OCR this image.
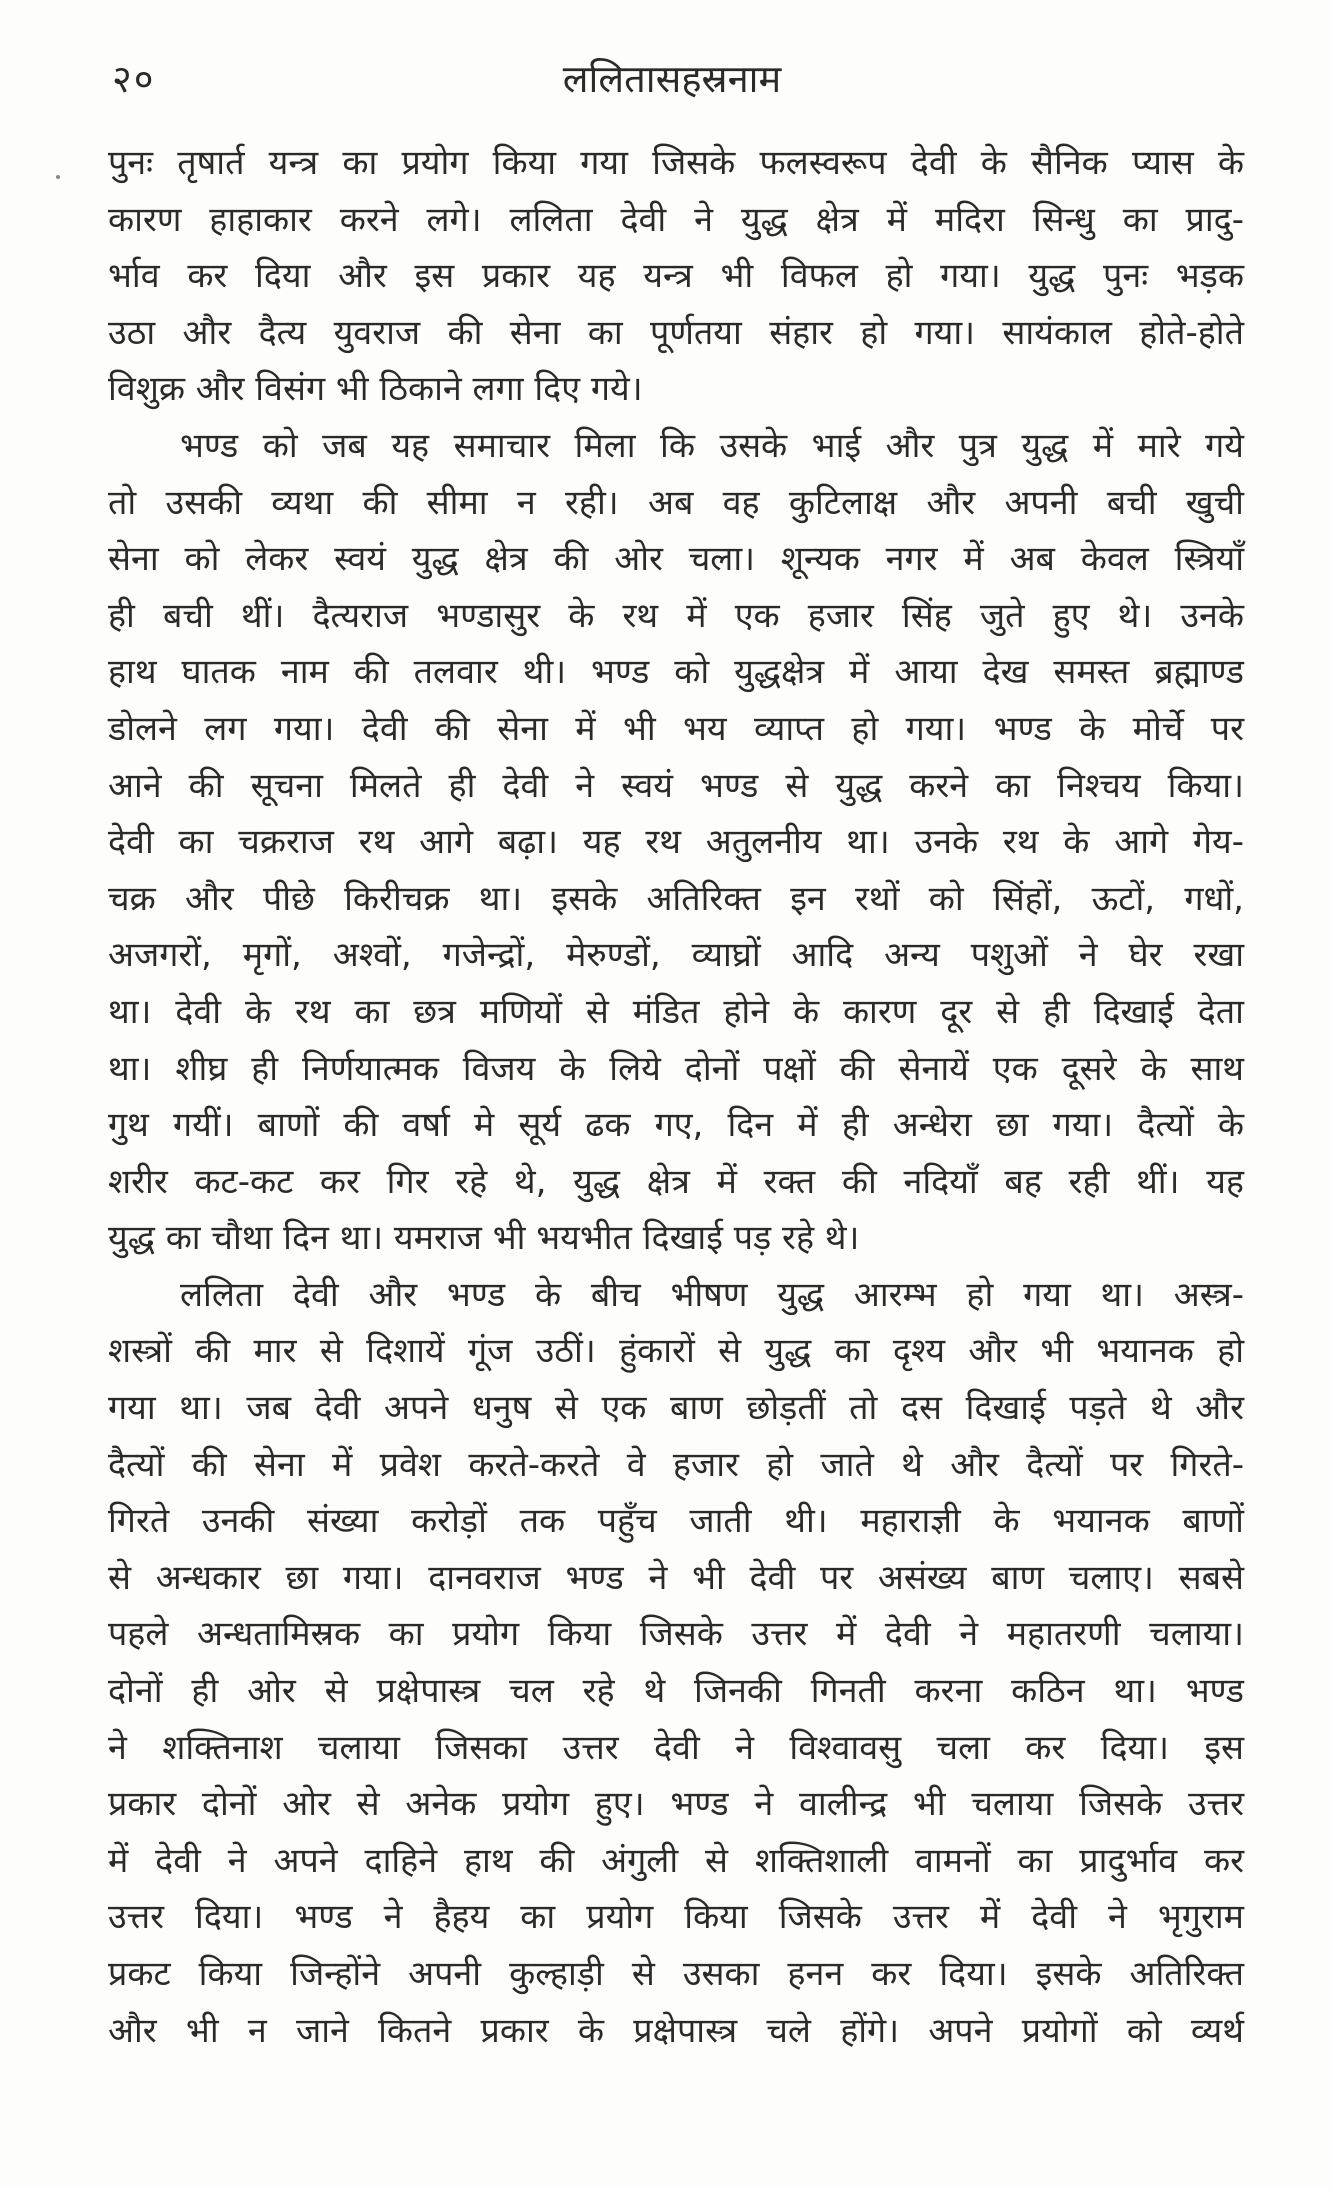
२०	ललितासहस्रनाम
पुनः तृषार्त यन्त्र का प्रयोग किया गया जिसके फलस्वरूप देवी के सैनिक प्यास के
कारण हाहाकार करने लगे। ललिता देवी ने युद्ध क्षेत्र में मदिरा सिन्धु का प्रादु-
र्भाव कर दिया और इस प्रकार यह यन्त्र भी विफल हो गया। युद्ध पुनः भड़क
उठा और दैत्य युवराज की सेना का पूर्णतया संहार हो गया। सायंकाल होते-होते
विशुक्र और विसंग भी ठिकाने लगा दिए गये।
भण्ड को जब यह समाचार मिला कि उसके भाई और पुत्र युद्ध में मारे गये
तो उसकी व्यथा की सीमा न रही। अब वह कुटिलाक्ष और अपनी बची खुची
सेना को लेकर स्वयं युद्ध क्षेत्र की ओर चला। शून्यक नगर में अब केवल स्त्रियाँ
ही बची थीं। दैत्यराज भण्डासुर के रथ में एक हजार सिंह जुते हुए थे। उनके
हाथ घातक नाम की तलवार थी। भण्ड को युद्धक्षेत्र में आया देख समस्त ब्रह्माण्ड
डोलने लग गया। देवी की सेना में भी भय व्याप्त हो गया। भण्ड के मोर्चे पर
आने की सूचना मिलते ही देवी ने स्वयं भण्ड से युद्ध करने का निश्चय किया।
देवी का चक्रराज रथ आगे बढ़ा। यह रथ अतुलनीय था। उनके रथ के आगे गेय-
चक्र और पीछे किरीचक्र था। इसके अतिरिक्त इन रथों को सिंहों, ऊटों, गधों,
अजगरों, मृगों, अश्वों, गजेन्द्रों, मेरुण्डों, व्याघ्रों आदि अन्य पशुओं ने घेर रखा
था। देवी के रथ का छत्र मणियों से मंडित होने के कारण दूर से ही दिखाई देता
था। शीघ्र ही निर्णयात्मक विजय के लिये दोनों पक्षों की सेनायें एक दूसरे के साथ
गुथ गयीं। बाणों की वर्षा मे सूर्य ढक गए, दिन में ही अन्धेरा छा गया। दैत्यों के
शरीर कट-कट कर गिर रहे थे, युद्ध क्षेत्र में रक्त की नदियाँ बह रही थीं। यह
युद्ध का चौथा दिन था। यमराज भी भयभीत दिखाई पड़ रहे थे।
ललिता देवी और भण्ड के बीच भीषण युद्ध आरम्भ हो गया था। अस्त्र-
शस्त्रों की मार से दिशायें गूंज उठीं। हुंकारों से युद्ध का दृश्य और भी भयानक हो
गया था। जब देवी अपने धनुष से एक बाण छोड़तीं तो दस दिखाई पड़ते थे और
दैत्यों की सेना में प्रवेश करते-करते वे हजार हो जाते थे और दैत्यों पर गिरते-
गिरते उनकी संख्या करोड़ों तक पहुँच जाती थी। महाराज्ञी के भयानक बाणों
से अन्धकार छा गया। दानवराज भण्ड ने भी देवी पर असंख्य बाण चलाए। सबसे
पहले अन्धतामिस्रक का प्रयोग किया जिसके उत्तर में देवी ने महातरणी चलाया।
दोनों ही ओर से प्रक्षेपास्त्र चल रहे थे जिनकी गिनती करना कठिन था। भण्ड
ने शक्तिनाश चलाया जिसका उत्तर देवी ने विश्वावसु चला कर दिया। इस
प्रकार दोनों ओर से अनेक प्रयोग हुए। भण्ड ने वालीन्द्र भी चलाया जिसके उत्तर
में देवी ने अपने दाहिने हाथ की अंगुली से शक्तिशाली वामनों का प्रादुर्भाव कर
उत्तर दिया। भण्ड ने हैहय का प्रयोग किया जिसके उत्तर में देवी ने भृगुराम
प्रकट किया जिन्होंने अपनी कुल्हाड़ी से उसका हनन कर दिया। इसके अतिरिक्त
और भी न जाने कितने प्रकार के प्रक्षेपास्त्र चले होंगे। अपने प्रयोगों को व्यर्थ
